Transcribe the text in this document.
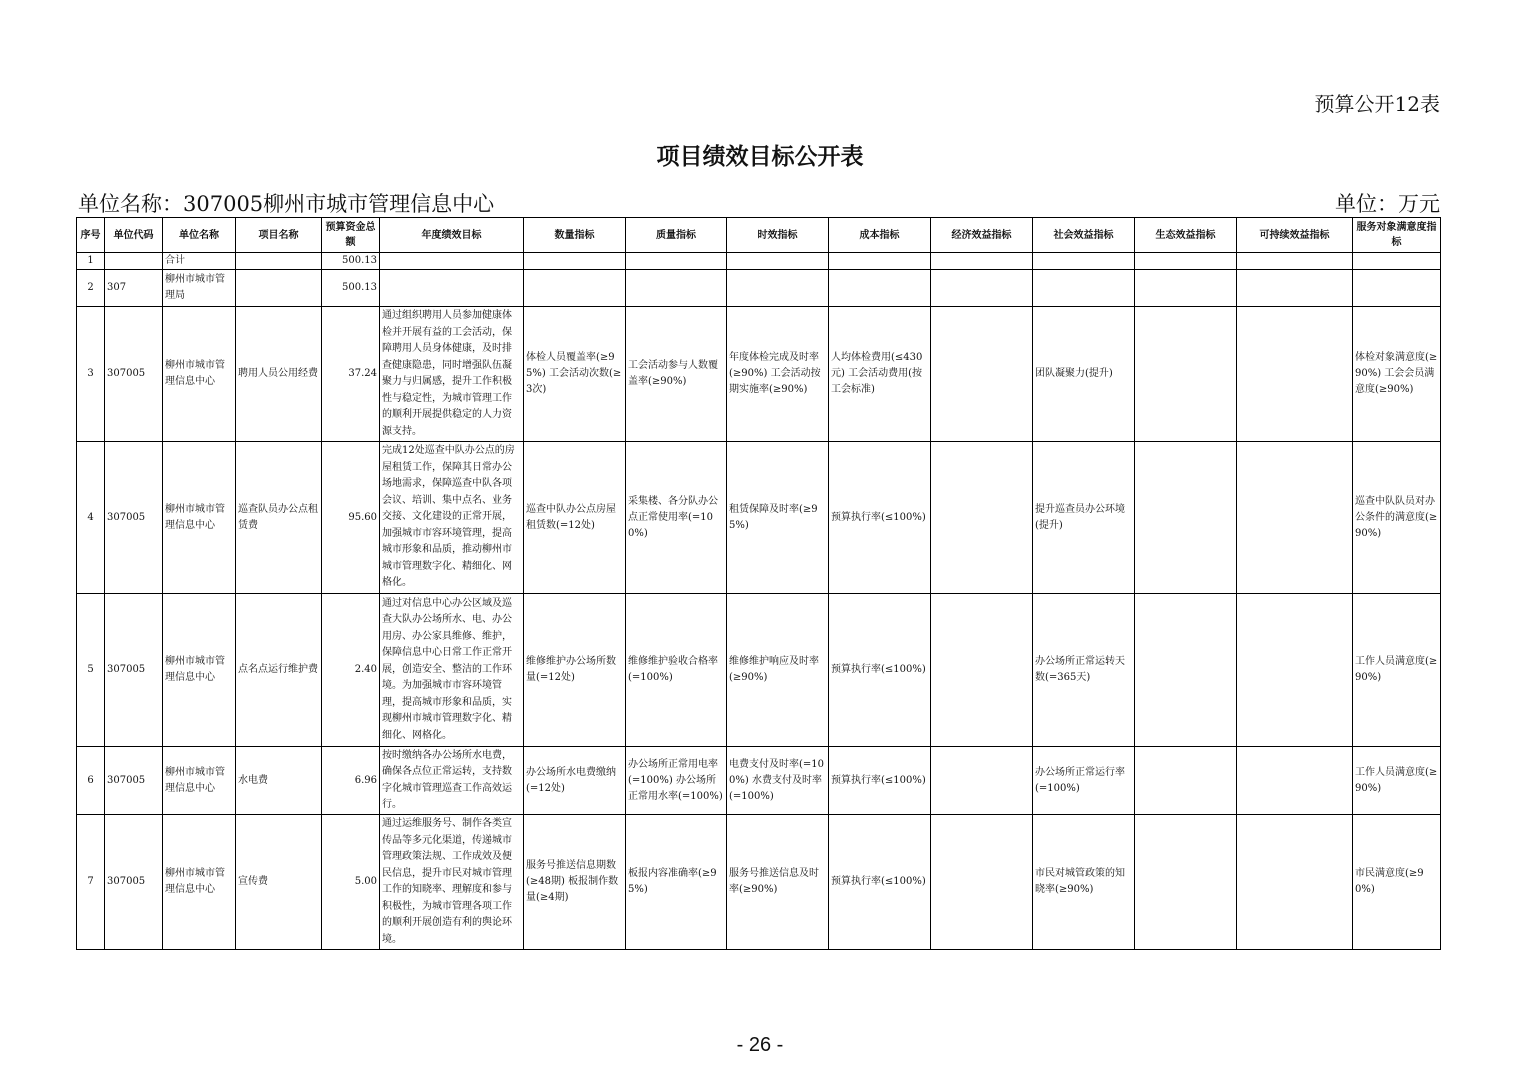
预算公开12表
项目绩效目标公开表
单位名称：307005柳州市城市管理信息中心	单位：万元
序号	单位代码	单位名称	项目名称	预算资金总额	年度绩效目标	数量指标	质量指标	时效指标	成本指标	经济效益指标	社会效益指标	生态效益指标	可持续效益指标	服务对象满意度指标
1		合计		500.13										
2	307	柳州市城市管理局		500.13										
3	307005	柳州市城市管理信息中心	聘用人员公用经费	37.24	通过组织聘用人员参加健康体检并开展有益的工会活动，保障聘用人员身体健康，及时排查健康隐患，同时增强队伍凝聚力与归属感，提升工作积极性与稳定性，为城市管理工作的顺利开展提供稳定的人力资源支持。	体检人员覆盖率(≥95%) 工会活动次数(≥3次)	工会活动参与人数覆盖率(≥90%)	年度体检完成及时率(≥90%) 工会活动按期实施率(≥90%)	人均体检费用(≤430元) 工会活动费用(按工会标准)		团队凝聚力(提升)			体检对象满意度(≥90%) 工会会员满意度(≥90%)
4	307005	柳州市城市管理信息中心	巡查队员办公点租赁费	95.60	完成12处巡查中队办公点的房屋租赁工作，保障其日常办公场地需求，保障巡查中队各项会议、培训、集中点名、业务交接、文化建设的正常开展，加强城市市容环境管理，提高城市形象和品质，推动柳州市城市管理数字化、精细化、网格化。	巡查中队办公点房屋租赁数(=12处)	采集楼、各分队办公点正常使用率(=100%)	租赁保障及时率(≥95%)	预算执行率(≤100%)		提升巡查员办公环境(提升)			巡查中队队员对办公条件的满意度(≥90%)
5	307005	柳州市城市管理信息中心	点名点运行维护费	2.40	通过对信息中心办公区域及巡查大队办公场所水、电、办公用房、办公家具维修、维护，保障信息中心日常工作正常开展，创造安全、整洁的工作环境。为加强城市市容环境管理，提高城市形象和品质，实现柳州市城市管理数字化、精细化、网格化。	维修维护办公场所数量(=12处)	维修维护验收合格率(=100%)	维修维护响应及时率(≥90%)	预算执行率(≤100%)		办公场所正常运转天数(=365天)			工作人员满意度(≥90%)
6	307005	柳州市城市管理信息中心	水电费	6.96	按时缴纳各办公场所水电费，确保各点位正常运转，支持数字化城市管理巡查工作高效运行。	办公场所水电费缴纳(=12处)	办公场所正常用电率(=100%) 办公场所正常用水率(=100%)	电费支付及时率(=100%) 水费支付及时率(=100%)	预算执行率(≤100%)		办公场所正常运行率(=100%)			工作人员满意度(≥90%)
7	307005	柳州市城市管理信息中心	宣传费	5.00	通过运维服务号、制作各类宣传品等多元化渠道，传递城市管理政策法规、工作成效及便民信息，提升市民对城市管理工作的知晓率、理解度和参与积极性，为城市管理各项工作的顺利开展创造有利的舆论环境。	服务号推送信息期数(≥48期) 板报制作数量(≥4期)	板报内容准确率(≥95%)	服务号推送信息及时率(≥90%)	预算执行率(≤100%)		市民对城管政策的知晓率(≥90%)			市民满意度(≥90%)
- 26 -
